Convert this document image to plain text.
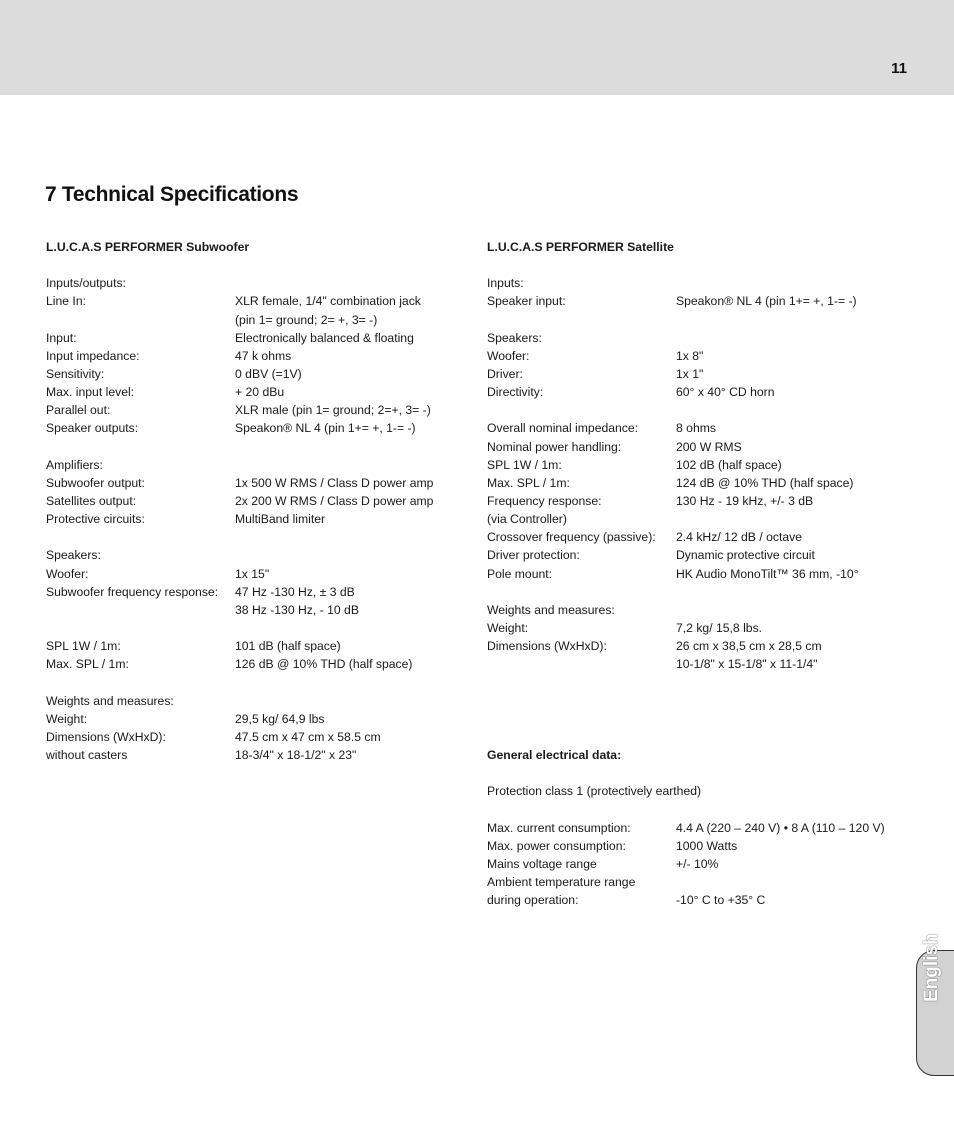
11
7 Technical Specifications
L.U.C.A.S PERFORMER Subwoofer
Inputs/outputs:
Line In:	XLR female, 1/4" combination jack
(pin 1= ground; 2= +, 3= -)
Input:	Electronically balanced & floating
Input impedance:	47 k ohms
Sensitivity:	0 dBV (=1V)
Max. input level:	+ 20 dBu
Parallel out:	XLR male (pin 1= ground; 2=+, 3= -)
Speaker outputs:	Speakon® NL 4 (pin 1+= +, 1-= -)
Amplifiers:
Subwoofer output:	1x 500 W RMS / Class D power amp
Satellites output:	2x 200 W RMS / Class D power amp
Protective circuits:	MultiBand limiter
Speakers:
Woofer:	1x 15"
Subwoofer frequency response:	47 Hz -130 Hz, ± 3 dB
38 Hz -130 Hz, - 10 dB
SPL 1W / 1m:	101 dB (half space)
Max. SPL / 1m:	126 dB @ 10% THD (half space)
Weights and measures:
Weight:	29,5 kg/ 64,9 lbs
Dimensions (WxHxD):	47.5 cm x 47 cm x 58.5 cm
without casters	18-3/4" x 18-1/2" x 23"
L.U.C.A.S PERFORMER Satellite
Inputs:
Speaker input:	Speakon® NL 4 (pin 1+= +, 1-= -)
Speakers:
Woofer:	1x 8"
Driver:	1x 1"
Directivity:	60° x 40° CD horn
Overall nominal impedance:	8 ohms
Nominal power handling:	200 W RMS
SPL 1W / 1m:	102 dB (half space)
Max. SPL / 1m:	124 dB @ 10% THD (half space)
Frequency response:	130 Hz - 19 kHz, +/- 3 dB
(via Controller)
Crossover frequency (passive):	2.4 kHz/ 12 dB / octave
Driver protection:	Dynamic protective circuit
Pole mount:	HK Audio MonoTilt™ 36 mm, -10°
Weights and measures:
Weight:	7,2 kg/ 15,8 lbs.
Dimensions (WxHxD):	26 cm x 38,5 cm x 28,5 cm
10-1/8" x 15-1/8" x 11-1/4"
General electrical data:
Protection class 1 (protectively earthed)
Max. current consumption:	4.4 A (220 – 240 V) • 8 A (110 – 120 V)
Max. power consumption:	1000 Watts
Mains voltage range	+/- 10%
Ambient temperature range
during operation:	-10° C to +35° C
English
